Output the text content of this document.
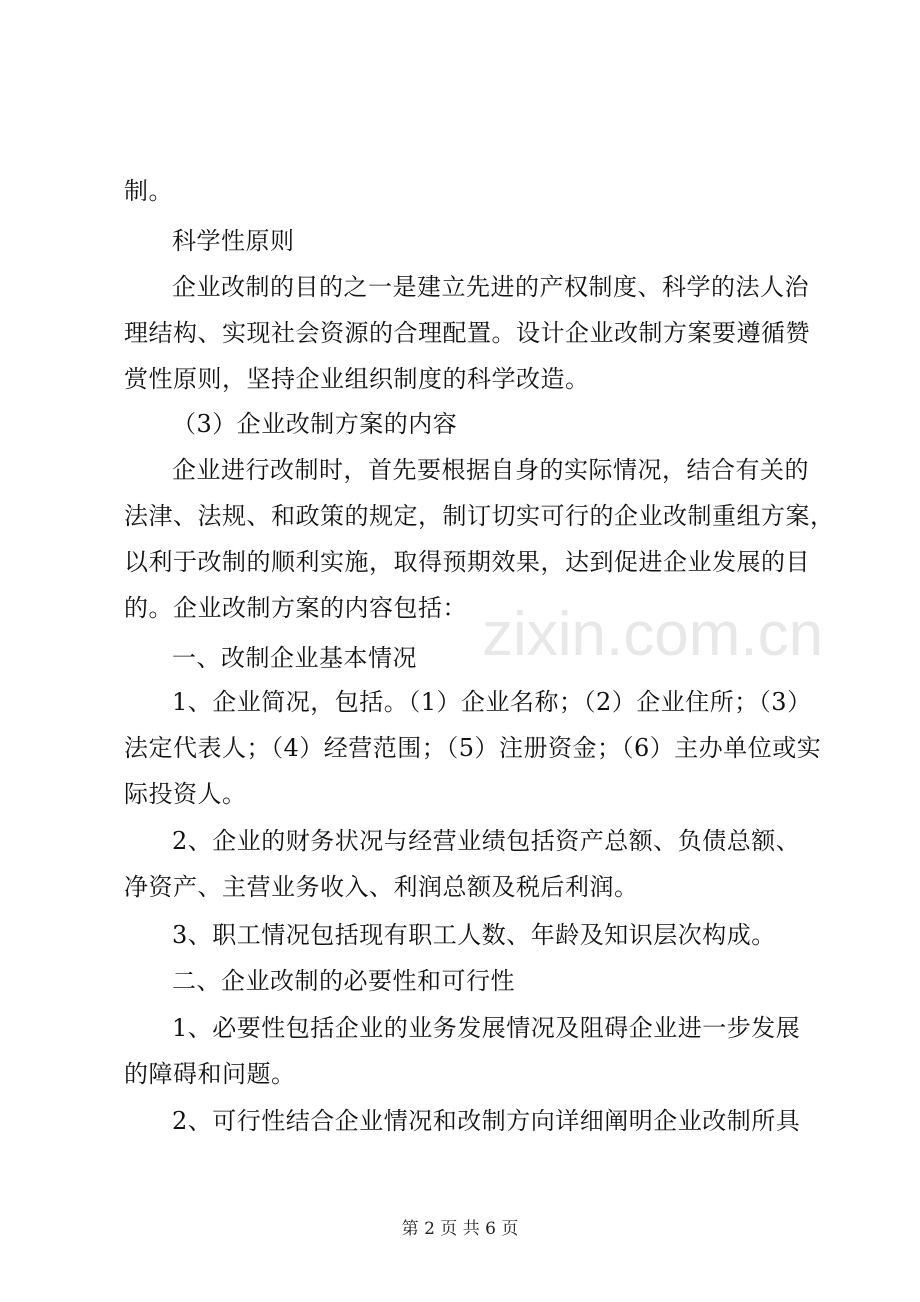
制。
科学性原则
企业改制的目的之一是建立先进的产权制度、科学的法人治
理结构、实现社会资源的合理配置。设计企业改制方案要遵循赞
赏性原则，坚持企业组织制度的科学改造。
（3）企业改制方案的内容
企业进行改制时，首先要根据自身的实际情况，结合有关的
法津、法规、和政策的规定，制订切实可行的企业改制重组方案，
以利于改制的顺利实施，取得预期效果，达到促进企业发展的目
的。企业改制方案的内容包括：
一、改制企业基本情况
1、企业简况，包括。（1）企业名称；（2）企业住所；（3）
法定代表人；（4）经营范围；（5）注册资金；（6）主办单位或实
际投资人。
2、企业的财务状况与经营业绩包括资产总额、负债总额、
净资产、主营业务收入、利润总额及税后利润。
3、职工情况包括现有职工人数、年龄及知识层次构成。
二、企业改制的必要性和可行性
1、必要性包括企业的业务发展情况及阻碍企业进一步发展
的障碍和问题。
2、可行性结合企业情况和改制方向详细阐明企业改制所具
zixin.com.cn
第 2 页 共 6 页
